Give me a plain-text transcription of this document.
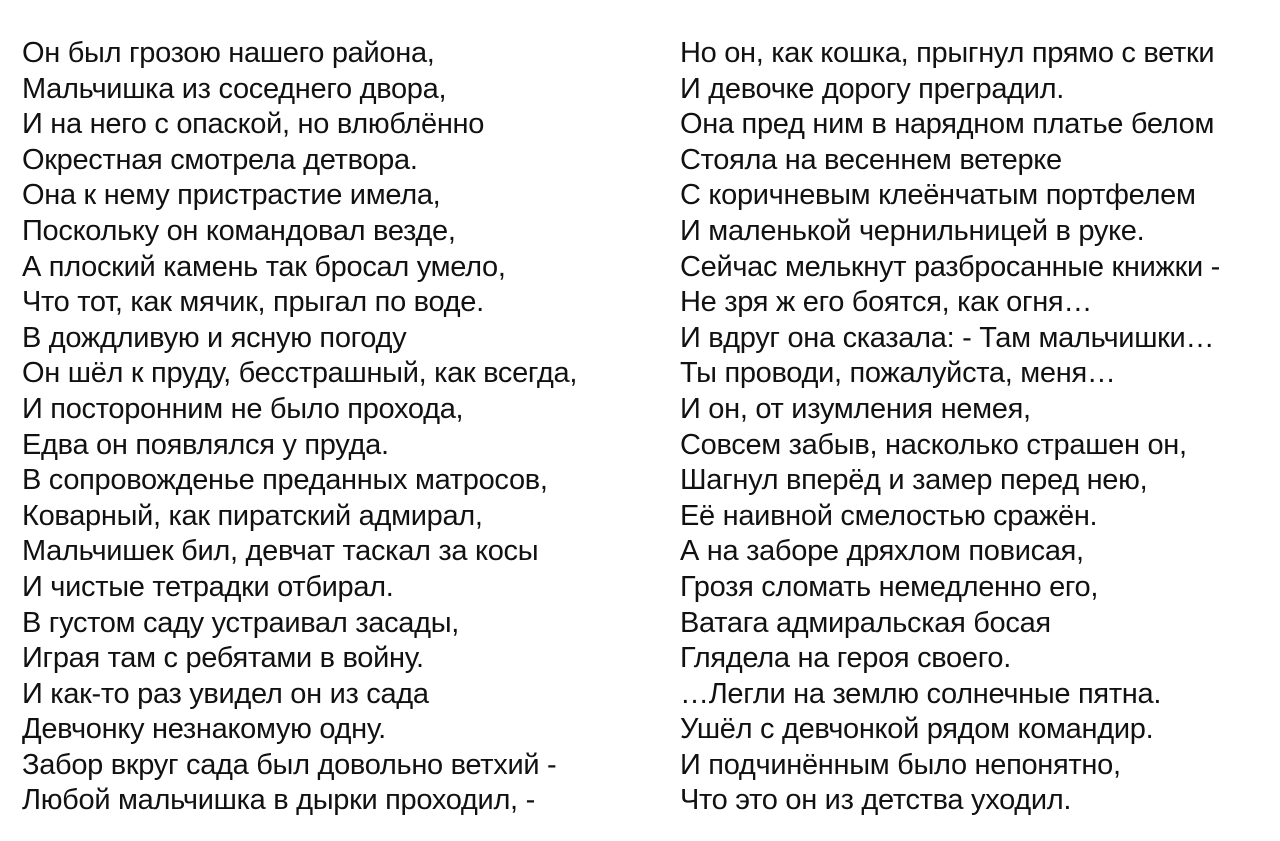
Он был грозою нашего района,
Мальчишка из соседнего двора,
И на него с опаской, но влюблённо
Окрестная смотрела детвора.
Она к нему пристрастие имела,
Поскольку он командовал везде,
А плоский камень так бросал умело,
Что тот, как мячик, прыгал по воде.
В дождливую и ясную погоду
Он шёл к пруду, бесстрашный, как всегда,
И посторонним не было прохода,
Едва он появлялся у пруда.
В сопровожденье преданных матросов,
Коварный, как пиратский адмирал,
Мальчишек бил, девчат таскал за косы
И чистые тетрадки отбирал.
В густом саду устраивал засады,
Играя там с ребятами в войну.
И как-то раз увидел он из сада
Девчонку незнакомую одну.
Забор вкруг сада был довольно ветхий -
Любой мальчишка в дырки проходил, -
Но он, как кошка, прыгнул прямо с ветки
И девочке дорогу преградил.
Она пред ним в нарядном платье белом
Стояла на весеннем ветерке
С коричневым клеёнчатым портфелем
И маленькой чернильницей в руке.
Сейчас мелькнут разбросанные книжки -
Не зря ж его боятся, как огня…
И вдруг она сказала: - Там мальчишки…
Ты проводи, пожалуйста, меня…
И он, от изумления немея,
Совсем забыв, насколько страшен он,
Шагнул вперёд и замер перед нею,
Её наивной смелостью сражён.
А на заборе дряхлом повисая,
Грозя сломать немедленно его,
Ватага адмиральская босая
Глядела на героя своего.
…Легли на землю солнечные пятна.
Ушёл с девчонкой рядом командир.
И подчинённым было непонятно,
Что это он из детства уходил.
